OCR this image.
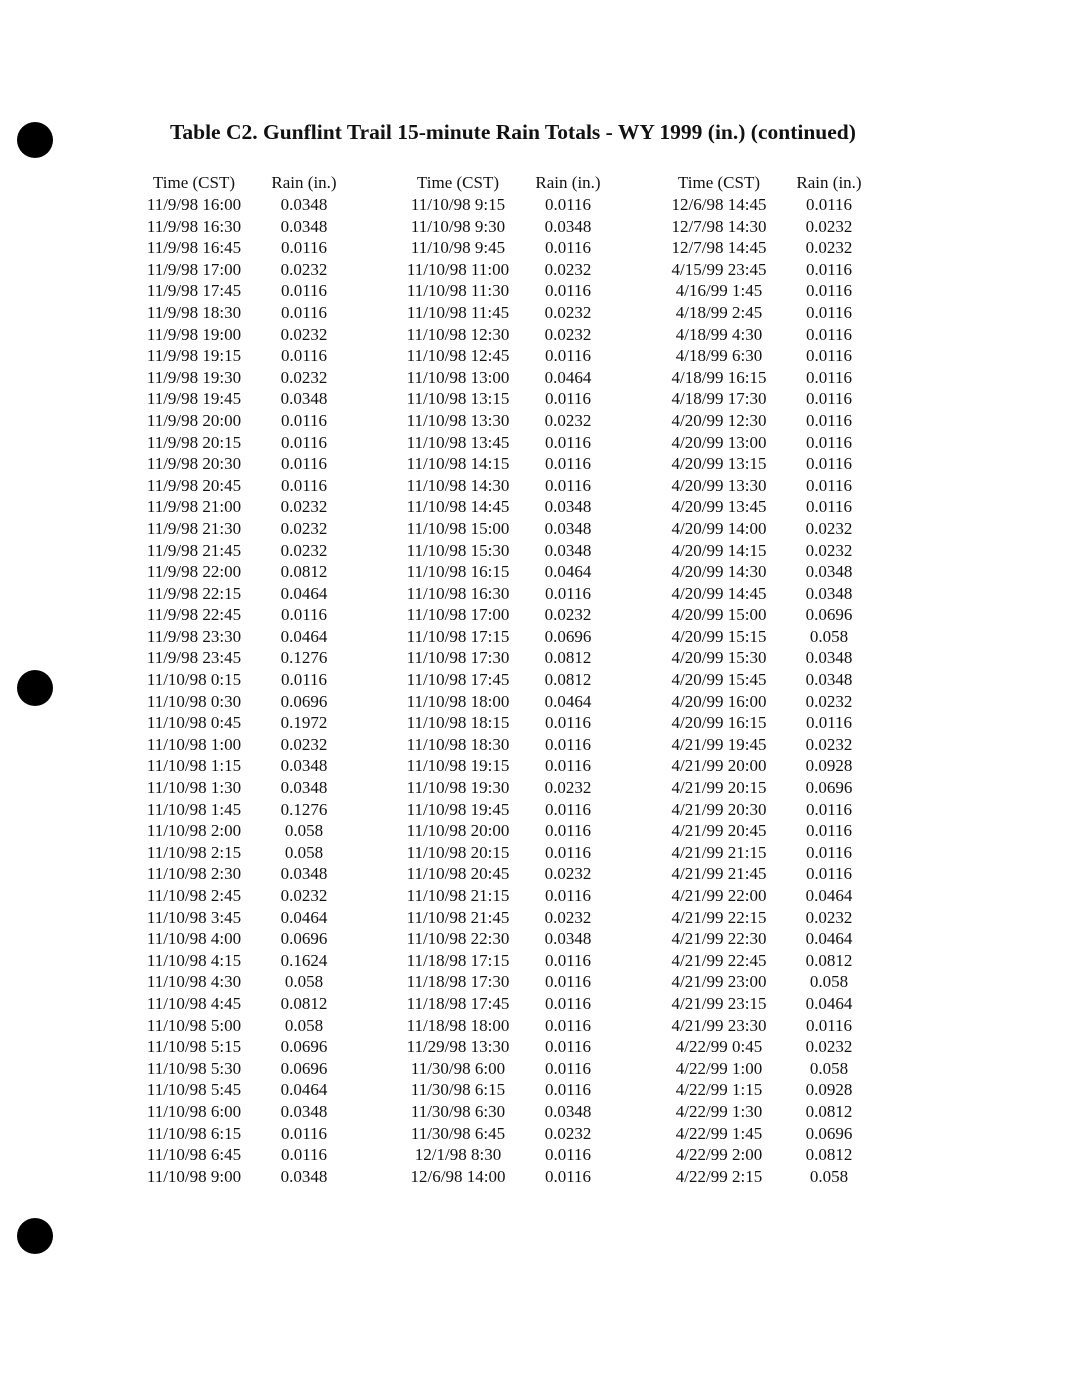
Table C2. Gunflint Trail 15-minute Rain Totals - WY 1999 (in.) (continued)
Time (CST)	Rain (in.)
11/9/98 16:00	0.0348
11/9/98 16:30	0.0348
11/9/98 16:45	0.0116
11/9/98 17:00	0.0232
11/9/98 17:45	0.0116
11/9/98 18:30	0.0116
11/9/98 19:00	0.0232
11/9/98 19:15	0.0116
11/9/98 19:30	0.0232
11/9/98 19:45	0.0348
11/9/98 20:00	0.0116
11/9/98 20:15	0.0116
11/9/98 20:30	0.0116
11/9/98 20:45	0.0116
11/9/98 21:00	0.0232
11/9/98 21:30	0.0232
11/9/98 21:45	0.0232
11/9/98 22:00	0.0812
11/9/98 22:15	0.0464
11/9/98 22:45	0.0116
11/9/98 23:30	0.0464
11/9/98 23:45	0.1276
11/10/98 0:15	0.0116
11/10/98 0:30	0.0696
11/10/98 0:45	0.1972
11/10/98 1:00	0.0232
11/10/98 1:15	0.0348
11/10/98 1:30	0.0348
11/10/98 1:45	0.1276
11/10/98 2:00	0.058
11/10/98 2:15	0.058
11/10/98 2:30	0.0348
11/10/98 2:45	0.0232
11/10/98 3:45	0.0464
11/10/98 4:00	0.0696
11/10/98 4:15	0.1624
11/10/98 4:30	0.058
11/10/98 4:45	0.0812
11/10/98 5:00	0.058
11/10/98 5:15	0.0696
11/10/98 5:30	0.0696
11/10/98 5:45	0.0464
11/10/98 6:00	0.0348
11/10/98 6:15	0.0116
11/10/98 6:45	0.0116
11/10/98 9:00	0.0348
Time (CST)	Rain (in.)
11/10/98 9:15	0.0116
11/10/98 9:30	0.0348
11/10/98 9:45	0.0116
11/10/98 11:00	0.0232
11/10/98 11:30	0.0116
11/10/98 11:45	0.0232
11/10/98 12:30	0.0232
11/10/98 12:45	0.0116
11/10/98 13:00	0.0464
11/10/98 13:15	0.0116
11/10/98 13:30	0.0232
11/10/98 13:45	0.0116
11/10/98 14:15	0.0116
11/10/98 14:30	0.0116
11/10/98 14:45	0.0348
11/10/98 15:00	0.0348
11/10/98 15:30	0.0348
11/10/98 16:15	0.0464
11/10/98 16:30	0.0116
11/10/98 17:00	0.0232
11/10/98 17:15	0.0696
11/10/98 17:30	0.0812
11/10/98 17:45	0.0812
11/10/98 18:00	0.0464
11/10/98 18:15	0.0116
11/10/98 18:30	0.0116
11/10/98 19:15	0.0116
11/10/98 19:30	0.0232
11/10/98 19:45	0.0116
11/10/98 20:00	0.0116
11/10/98 20:15	0.0116
11/10/98 20:45	0.0232
11/10/98 21:15	0.0116
11/10/98 21:45	0.0232
11/10/98 22:30	0.0348
11/18/98 17:15	0.0116
11/18/98 17:30	0.0116
11/18/98 17:45	0.0116
11/18/98 18:00	0.0116
11/29/98 13:30	0.0116
11/30/98 6:00	0.0116
11/30/98 6:15	0.0116
11/30/98 6:30	0.0348
11/30/98 6:45	0.0232
12/1/98 8:30	0.0116
12/6/98 14:00	0.0116
Time (CST)	Rain (in.)
12/6/98 14:45	0.0116
12/7/98 14:30	0.0232
12/7/98 14:45	0.0232
4/15/99 23:45	0.0116
4/16/99 1:45	0.0116
4/18/99 2:45	0.0116
4/18/99 4:30	0.0116
4/18/99 6:30	0.0116
4/18/99 16:15	0.0116
4/18/99 17:30	0.0116
4/20/99 12:30	0.0116
4/20/99 13:00	0.0116
4/20/99 13:15	0.0116
4/20/99 13:30	0.0116
4/20/99 13:45	0.0116
4/20/99 14:00	0.0232
4/20/99 14:15	0.0232
4/20/99 14:30	0.0348
4/20/99 14:45	0.0348
4/20/99 15:00	0.0696
4/20/99 15:15	0.058
4/20/99 15:30	0.0348
4/20/99 15:45	0.0348
4/20/99 16:00	0.0232
4/20/99 16:15	0.0116
4/21/99 19:45	0.0232
4/21/99 20:00	0.0928
4/21/99 20:15	0.0696
4/21/99 20:30	0.0116
4/21/99 20:45	0.0116
4/21/99 21:15	0.0116
4/21/99 21:45	0.0116
4/21/99 22:00	0.0464
4/21/99 22:15	0.0232
4/21/99 22:30	0.0464
4/21/99 22:45	0.0812
4/21/99 23:00	0.058
4/21/99 23:15	0.0464
4/21/99 23:30	0.0116
4/22/99 0:45	0.0232
4/22/99 1:00	0.058
4/22/99 1:15	0.0928
4/22/99 1:30	0.0812
4/22/99 1:45	0.0696
4/22/99 2:00	0.0812
4/22/99 2:15	0.058
